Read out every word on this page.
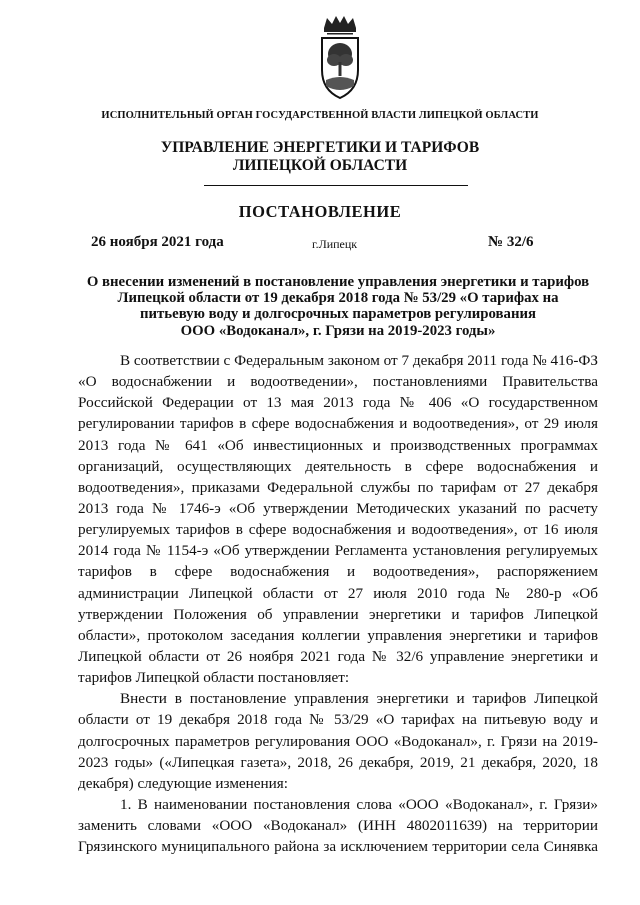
ИСПОЛНИТЕЛЬНЫЙ ОРГАН ГОСУДАРСТВЕННОЙ ВЛАСТИ ЛИПЕЦКОЙ ОБЛАСТИ
УПРАВЛЕНИЕ ЭНЕРГЕТИКИ И ТАРИФОВ
ЛИПЕЦКОЙ ОБЛАСТИ
ПОСТАНОВЛЕНИЕ
26 ноября 2021 года	г.Липецк	№ 32/6
О внесении изменений в постановление управления энергетики и тарифов
Липецкой области от 19 декабря 2018 года № 53/29 «О тарифах на
питьевую воду и долгосрочных параметров регулирования
ООО «Водоканал», г. Грязи на 2019-2023 годы»
В соответствии с Федеральным законом от 7 декабря 2011 года № 416-ФЗ
«О водоснабжении и водоотведении», постановлениями Правительства
Российской Федерации от 13 мая 2013 года № 406 «О государственном
регулировании тарифов в сфере водоснабжения и водоотведения», от 29 июля
2013 года № 641 «Об инвестиционных и производственных программах
организаций, осуществляющих деятельность в сфере водоснабжения и
водоотведения», приказами Федеральной службы по тарифам от 27 декабря
2013 года № 1746-э «Об утверждении Методических указаний по расчету
регулируемых тарифов в сфере водоснабжения и водоотведения», от 16 июля
2014 года № 1154-э «Об утверждении Регламента установления регулируемых
тарифов в сфере водоснабжения и водоотведения», распоряжением
администрации Липецкой области от 27 июля 2010 года № 280-р «Об
утверждении Положения об управлении энергетики и тарифов Липецкой
области», протоколом заседания коллегии управления энергетики и тарифов
Липецкой области от 26 ноября 2021 года № 32/6 управление энергетики и
тарифов Липецкой области постановляет:
Внести в постановление управления энергетики и тарифов Липецкой
области от 19 декабря 2018 года № 53/29 «О тарифах на питьевую воду и
долгосрочных параметров регулирования ООО «Водоканал», г. Грязи на 2019-
2023 годы» («Липецкая газета», 2018, 26 декабря, 2019, 21 декабря, 2020, 18
декабря) следующие изменения:
1. В наименовании постановления слова «ООО «Водоканал», г. Грязи»
заменить словами «ООО «Водоканал» (ИНН 4802011639) на территории
Грязинского муниципального района за исключением территории села Синявка
